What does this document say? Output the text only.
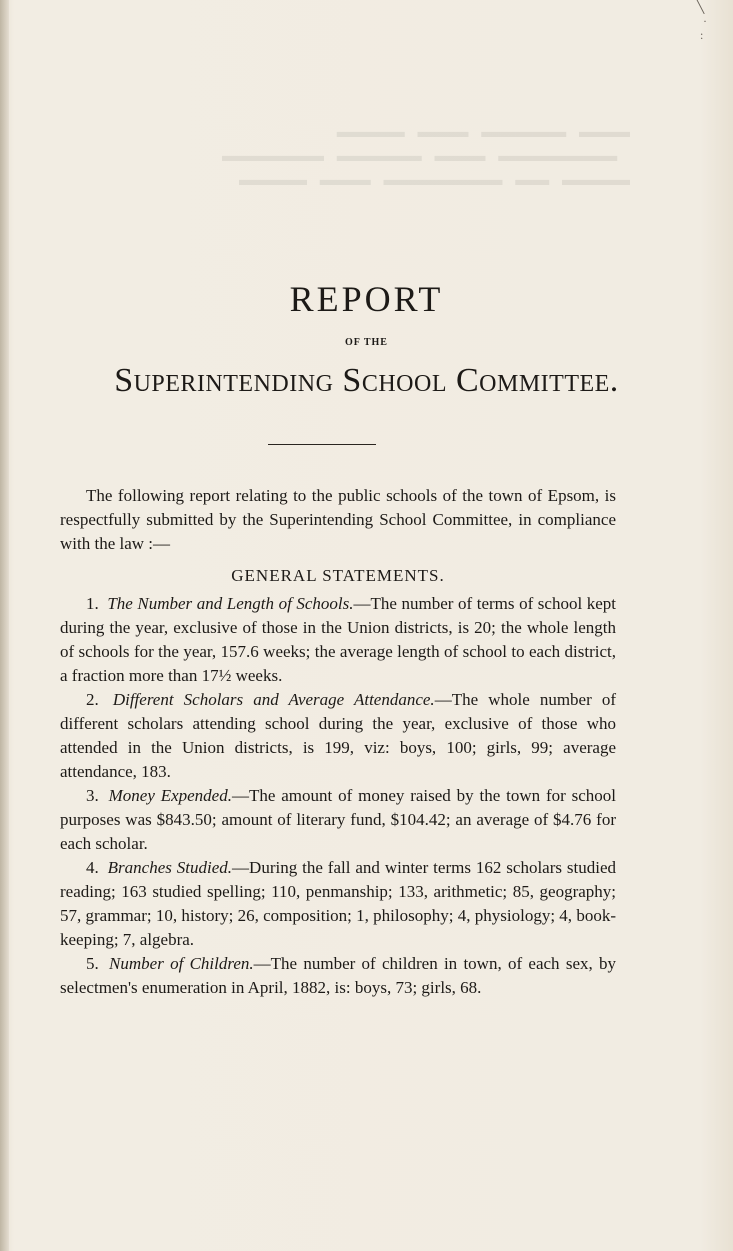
╲
·
:
▬▬▬   ▬▬▬▬▬   ▬▬▬   ▬▬▬▬
▬▬▬▬▬▬▬   ▬▬▬   ▬▬▬▬▬   ▬▬▬▬▬▬
▬▬▬▬   ▬▬   ▬▬▬▬▬▬▬   ▬▬▬   ▬▬▬▬

REPORT
OF THE
Superintending School Committee.

The following report relating to the public schools of the town of Epsom, is respectfully submitted by the Superintending School Committee, in compliance with the law :—

GENERAL STATEMENTS.

1. The Number and Length of Schools.—The number of terms of school kept during the year, exclusive of those in the Union districts, is 20; the whole length of schools for the year, 157.6 weeks; the average length of school to each district, a fraction more than 17½ weeks.

2. Different Scholars and Average Attendance.—The whole number of different scholars attending school during the year, exclusive of those who attended in the Union districts, is 199, viz: boys, 100; girls, 99; average attendance, 183.

3. Money Expended.—The amount of money raised by the town for school purposes was $843.50; amount of literary fund, $104.42; an average of $4.76 for each scholar.

4. Branches Studied.—During the fall and winter terms 162 scholars studied reading; 163 studied spelling; 110, penmanship; 133, arithmetic; 85, geography; 57, grammar; 10, history; 26, composition; 1, philosophy; 4, physiology; 4, book-keeping; 7, algebra.

5. Number of Children.—The number of children in town, of each sex, by selectmen's enumeration in April, 1882, is: boys, 73; girls, 68.
